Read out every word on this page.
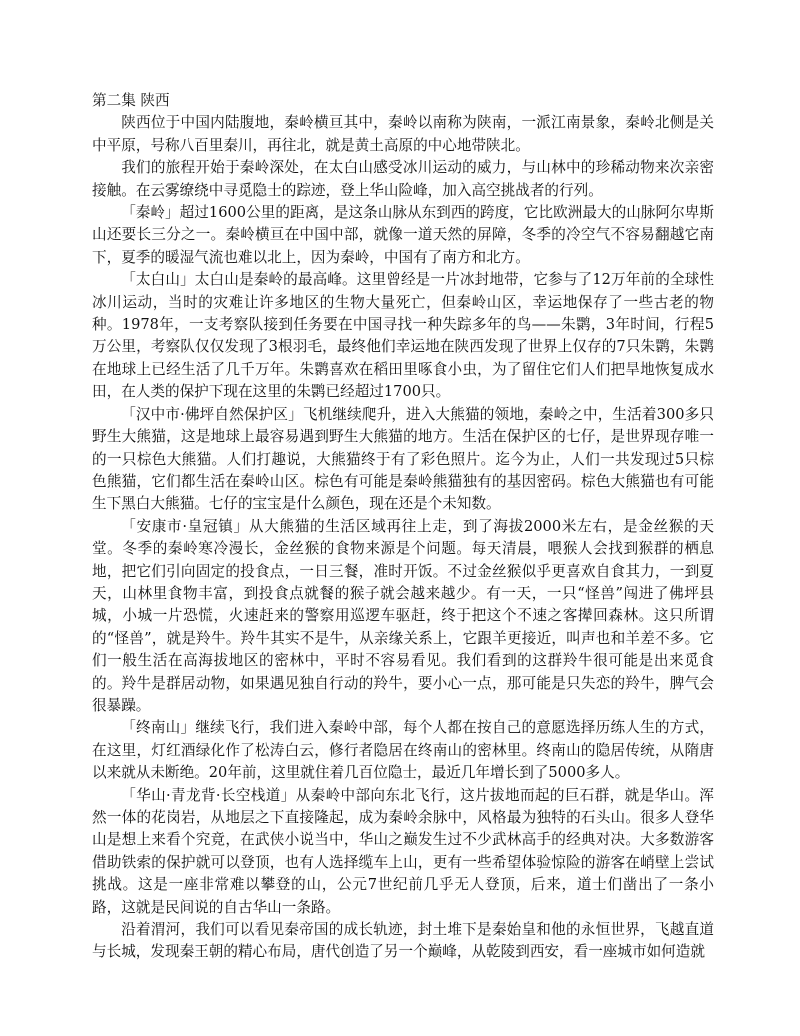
第二集 陕西

陕西位于中国内陆腹地，秦岭横亘其中，秦岭以南称为陕南，一派江南景象，秦岭北侧是关中平原，号称八百里秦川，再往北，就是黄土高原的中心地带陕北。

我们的旅程开始于秦岭深处，在太白山感受冰川运动的威力，与山林中的珍稀动物来次亲密接触。在云雾缭绕中寻觅隐士的踪迹，登上华山险峰，加入高空挑战者的行列。

「秦岭」超过1600公里的距离，是这条山脉从东到西的跨度，它比欧洲最大的山脉阿尔卑斯山还要长三分之一。秦岭横亘在中国中部，就像一道天然的屏障，冬季的冷空气不容易翻越它南下，夏季的暖湿气流也难以北上，因为秦岭，中国有了南方和北方。

「太白山」太白山是秦岭的最高峰。这里曾经是一片冰封地带，它参与了12万年前的全球性冰川运动，当时的灾难让许多地区的生物大量死亡，但秦岭山区，幸运地保存了一些古老的物种。1978年，一支考察队接到任务要在中国寻找一种失踪多年的鸟——朱鹮，3年时间，行程5万公里，考察队仅仅发现了3根羽毛，最终他们幸运地在陕西发现了世界上仅存的7只朱鹮，朱鹮在地球上已经生活了几千万年。朱鹮喜欢在稻田里啄食小虫，为了留住它们人们把旱地恢复成水田，在人类的保护下现在这里的朱鹮已经超过1700只。

「汉中市·佛坪自然保护区」飞机继续爬升，进入大熊猫的领地，秦岭之中，生活着300多只野生大熊猫，这是地球上最容易遇到野生大熊猫的地方。生活在保护区的七仔，是世界现存唯一的一只棕色大熊猫。人们打趣说，大熊猫终于有了彩色照片。迄今为止，人们一共发现过5只棕色熊猫，它们都生活在秦岭山区。棕色有可能是秦岭熊猫独有的基因密码。棕色大熊猫也有可能生下黑白大熊猫。七仔的宝宝是什么颜色，现在还是个未知数。

「安康市·皇冠镇」从大熊猫的生活区域再往上走，到了海拔2000米左右，是金丝猴的天堂。冬季的秦岭寒冷漫长，金丝猴的食物来源是个问题。每天清晨，喂猴人会找到猴群的栖息地，把它们引向固定的投食点，一日三餐，准时开饭。不过金丝猴似乎更喜欢自食其力，一到夏天，山林里食物丰富，到投食点就餐的猴子就会越来越少。有一天，一只“怪兽”闯进了佛坪县城，小城一片恐慌，火速赶来的警察用巡逻车驱赶，终于把这个不速之客撵回森林。这只所谓的“怪兽”，就是羚牛。羚牛其实不是牛，从亲缘关系上，它跟羊更接近，叫声也和羊差不多。它们一般生活在高海拔地区的密林中，平时不容易看见。我们看到的这群羚牛很可能是出来觅食的。羚牛是群居动物，如果遇见独自行动的羚牛，要小心一点，那可能是只失恋的羚牛，脾气会很暴躁。

「终南山」继续飞行，我们进入秦岭中部，每个人都在按自己的意愿选择历练人生的方式，在这里，灯红酒绿化作了松涛白云，修行者隐居在终南山的密林里。终南山的隐居传统，从隋唐以来就从未断绝。20年前，这里就住着几百位隐士，最近几年增长到了5000多人。

「华山·青龙背·长空栈道」从秦岭中部向东北飞行，这片拔地而起的巨石群，就是华山。浑然一体的花岗岩，从地层之下直接隆起，成为秦岭余脉中，风格最为独特的石头山。很多人登华山是想上来看个究竟，在武侠小说当中，华山之巅发生过不少武林高手的经典对决。大多数游客借助铁索的保护就可以登顶，也有人选择缆车上山，更有一些希望体验惊险的游客在峭壁上尝试挑战。这是一座非常难以攀登的山，公元7世纪前几乎无人登顶，后来，道士们凿出了一条小路，这就是民间说的自古华山一条路。

沿着渭河，我们可以看见秦帝国的成长轨迹，封土堆下是秦始皇和他的永恒世界，飞越直道与长城，发现秦王朝的精心布局，唐代创造了另一个巅峰，从乾陵到西安，看一座城市如何造就
